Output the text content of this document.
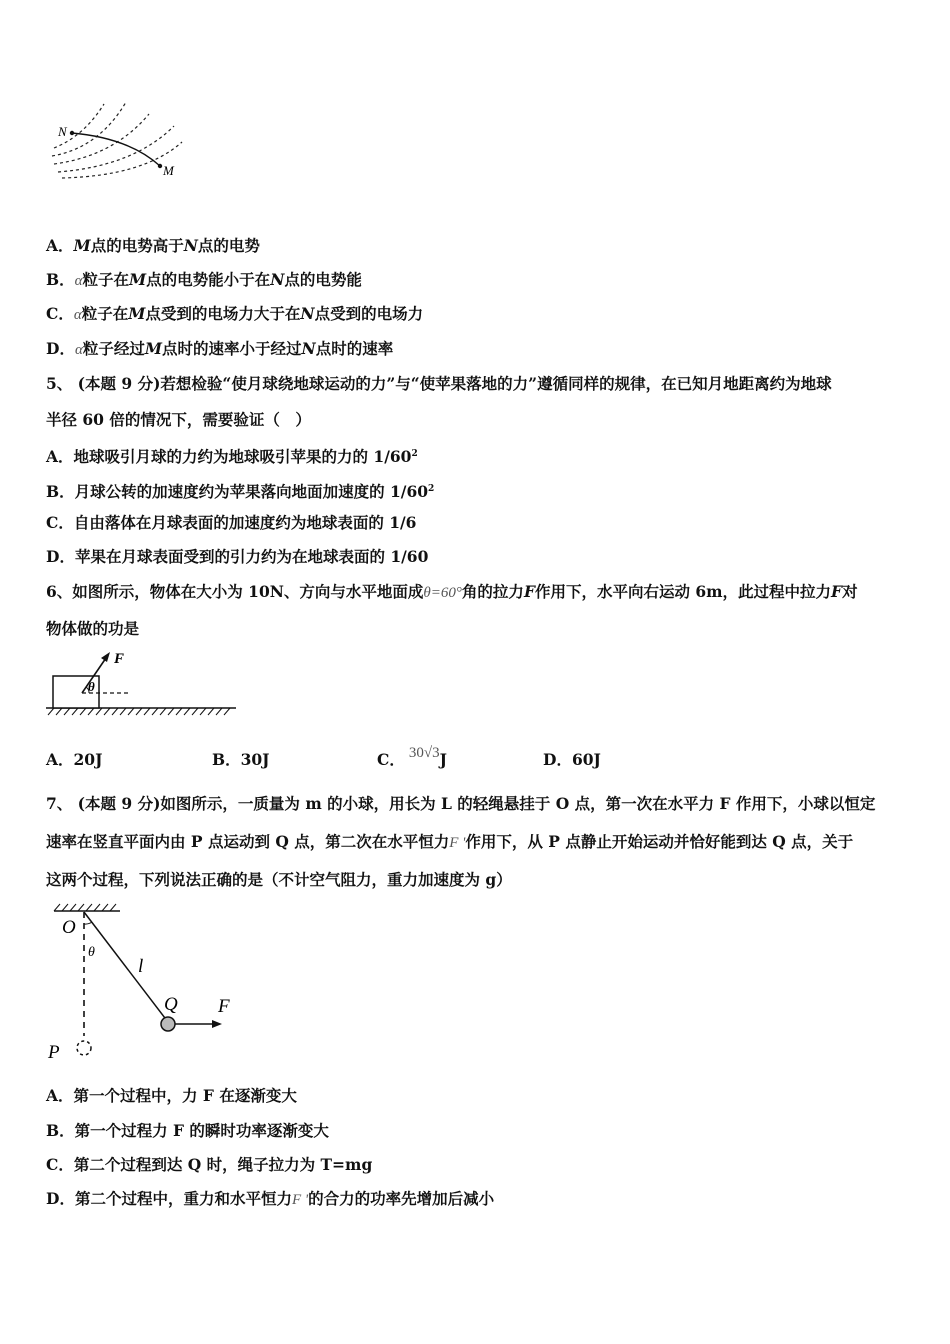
N
M
A．M点的电势高于N点的电势
B．α粒子在M点的电势能小于在N点的电势能
C．α粒子在M点受到的电场力大于在N点受到的电场力
D．α粒子经过M点时的速率小于经过N点时的速率
5、 (本题 9 分)若想检验“使月球绕地球运动的力”与“使苹果落地的力”遵循同样的规律，在已知月地距离约为地球
半径 60 倍的情况下，需要验证（　）
A．地球吸引月球的力约为地球吸引苹果的力的 $1/60^2$
B．月球公转的加速度约为苹果落向地面加速度的 $1/60^2$
C．自由落体在月球表面的加速度约为地球表面的 1/6
D．苹果在月球表面受到的引力约为在地球表面的 1/60
6、如图所示，物体在大小为 10N、方向与水平地面成θ=60°角的拉力F作用下，水平向右运动 6m，此过程中拉力F对
物体做的功是
θ
F
A．20J	B．30J	C． 30√3J	D．60J
7、 (本题 9 分)如图所示，一质量为 m 的小球，用长为 L 的轻绳悬挂于 O 点，第一次在水平力 F 作用下，小球以恒定
速率在竖直平面内由 P 点运动到 Q 点，第二次在水平恒力F '作用下，从 P 点静止开始运动并恰好能到达 Q 点，关于
这两个过程，下列说法正确的是（不计空气阻力，重力加速度为 g）
O
θ
l
Q F
P
A．第一个过程中，力 F 在逐渐变大
B．第一个过程力 F 的瞬时功率逐渐变大
C．第二个过程到达 Q 时，绳子拉力为 T=mg
D．第二个过程中，重力和水平恒力F '的合力的功率先增加后减小
